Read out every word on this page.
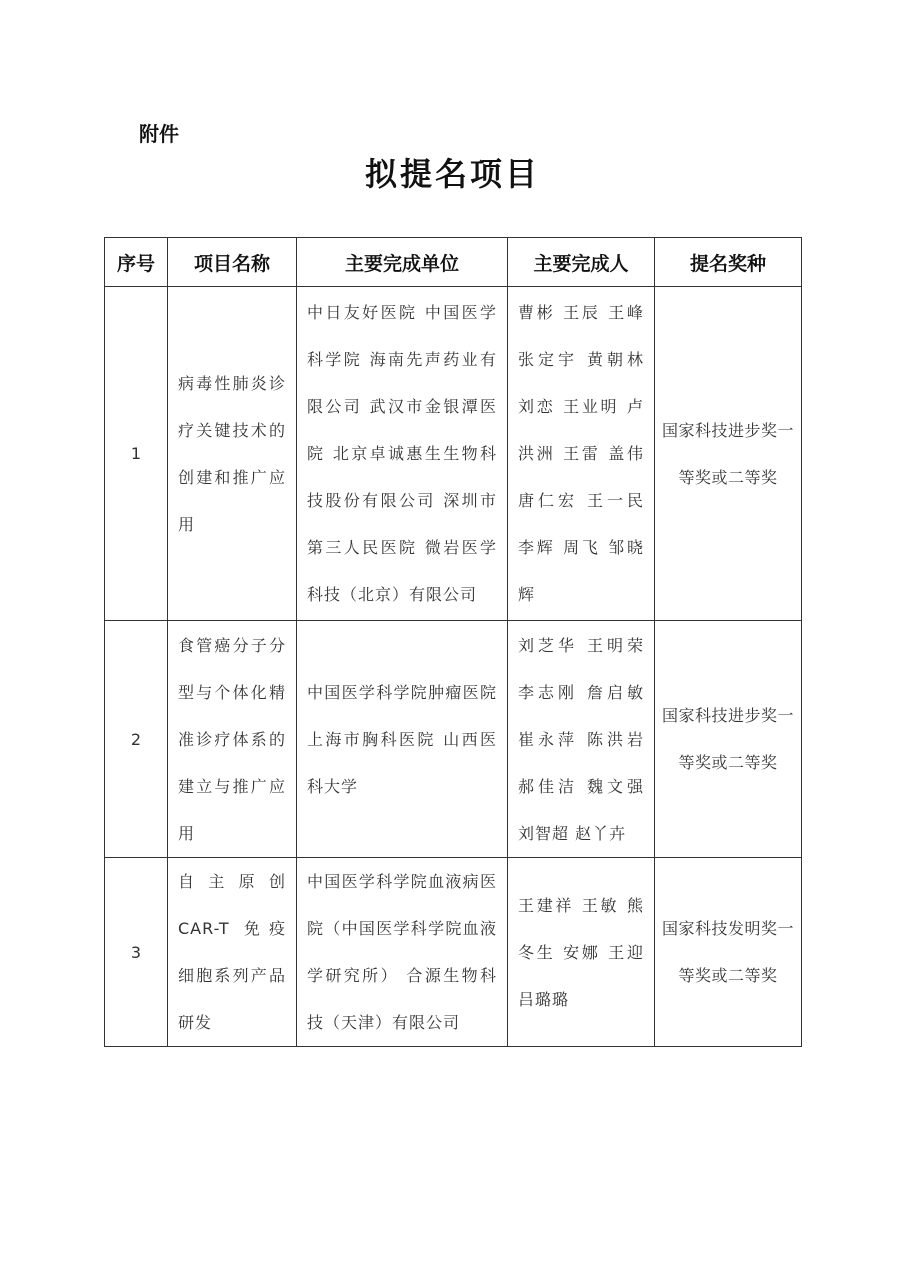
附件
拟提名项目
序号	项目名称	主要完成单位	主要完成人	提名奖种
1	病毒性肺炎诊疗关键技术的创建和推广应用	中日友好医院 中国医学科学院 海南先声药业有限公司 武汉市金银潭医院 北京卓诚惠生生物科技股份有限公司 深圳市第三人民医院 微岩医学科技（北京）有限公司	曹彬 王辰 王峰 张定宇 黄朝林 刘恋 王业明 卢洪洲 王雷 盖伟 唐仁宏 王一民 李辉 周飞 邹晓辉	国家科技进步奖一等奖或二等奖

2	食管癌分子分型与个体化精准诊疗体系的建立与推广应用	中国医学科学院肿瘤医院 上海市胸科医院 山西医科大学	刘芝华 王明荣 李志刚 詹启敏 崔永萍 陈洪岩 郝佳洁 魏文强 刘智超 赵丫卉	国家科技进步奖一等奖或二等奖

3	自主原创 CAR-T 免疫细胞系列产品研发	中国医学科学院血液病医院（中国医学科学院血液学研究所） 合源生物科技（天津）有限公司	王建祥 王敏 熊冬生 安娜 王迎 吕璐璐	国家科技发明奖一等奖或二等奖
